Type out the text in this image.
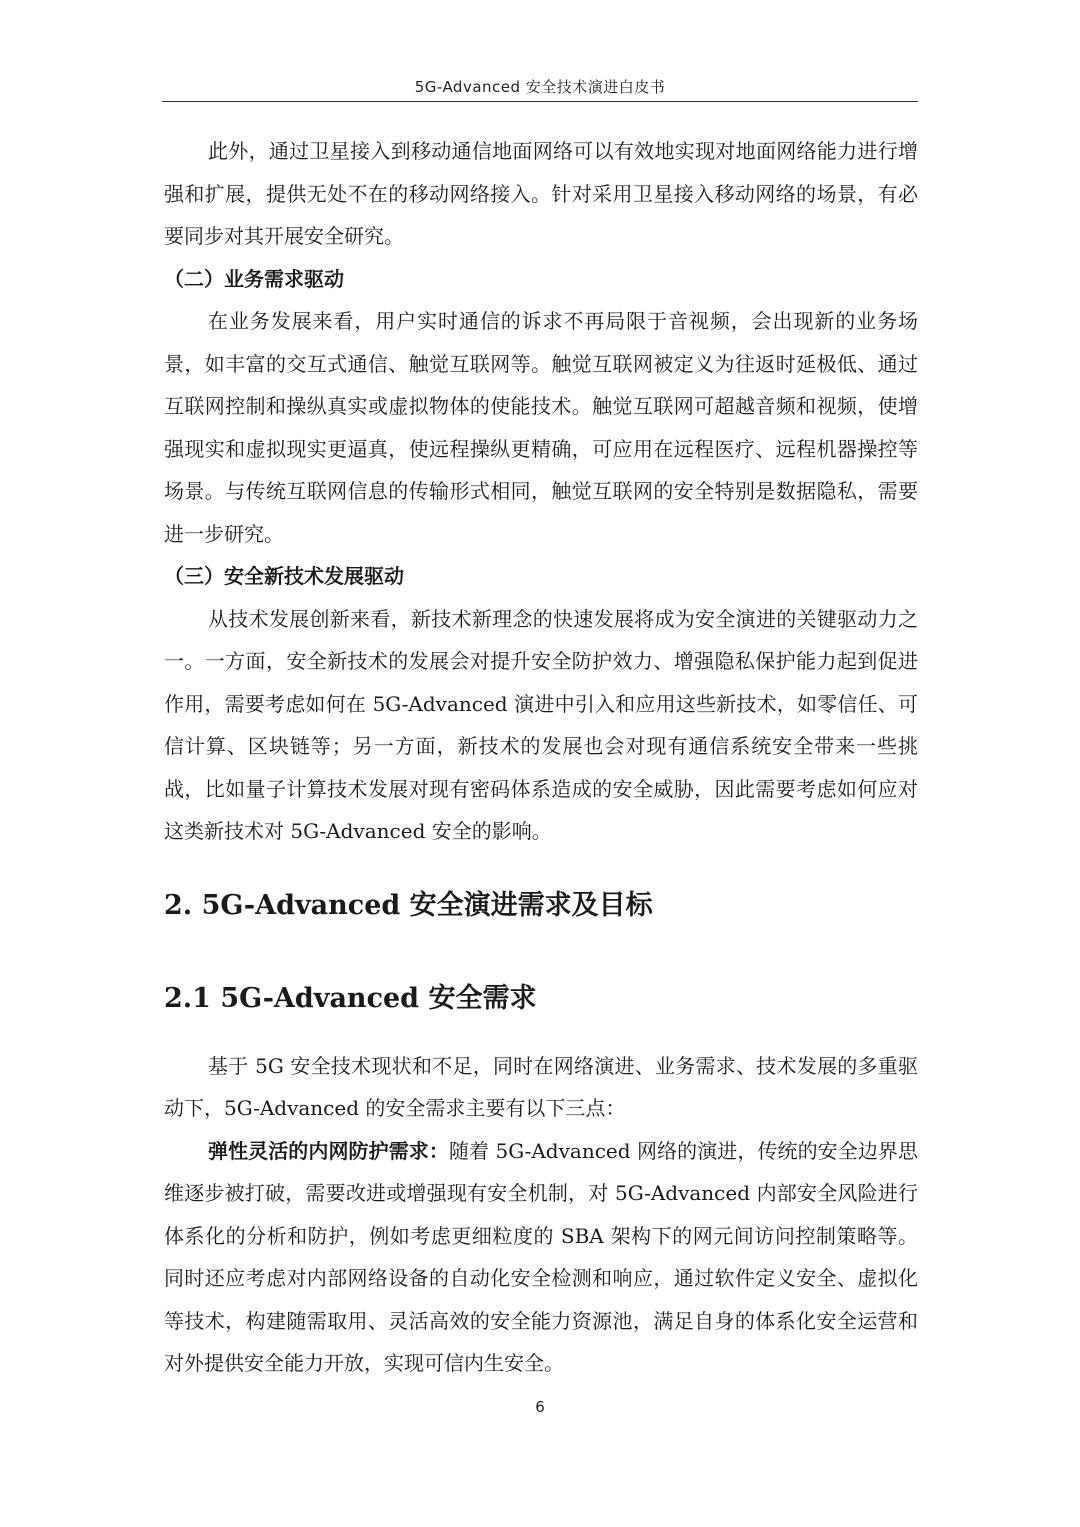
5G-Advanced 安全技术演进白皮书

此外，通过卫星接入到移动通信地面网络可以有效地实现对地面网络能力进行增强和扩展，提供无处不在的移动网络接入。针对采用卫星接入移动网络的场景，有必要同步对其开展安全研究。

（二）业务需求驱动

在业务发展来看，用户实时通信的诉求不再局限于音视频，会出现新的业务场景，如丰富的交互式通信、触觉互联网等。触觉互联网被定义为往返时延极低、通过互联网控制和操纵真实或虚拟物体的使能技术。触觉互联网可超越音频和视频，使增强现实和虚拟现实更逼真，使远程操纵更精确，可应用在远程医疗、远程机器操控等场景。与传统互联网信息的传输形式相同，触觉互联网的安全特别是数据隐私，需要进一步研究。

（三）安全新技术发展驱动

从技术发展创新来看，新技术新理念的快速发展将成为安全演进的关键驱动力之一。一方面，安全新技术的发展会对提升安全防护效力、增强隐私保护能力起到促进作用，需要考虑如何在 5G-Advanced 演进中引入和应用这些新技术，如零信任、可信计算、区块链等；另一方面，新技术的发展也会对现有通信系统安全带来一些挑战，比如量子计算技术发展对现有密码体系造成的安全威胁，因此需要考虑如何应对这类新技术对 5G-Advanced 安全的影响。

2. 5G-Advanced 安全演进需求及目标
2.1 5G-Advanced 安全需求

基于 5G 安全技术现状和不足，同时在网络演进、业务需求、技术发展的多重驱动下，5G-Advanced 的安全需求主要有以下三点：

弹性灵活的内网防护需求：随着 5G-Advanced 网络的演进，传统的安全边界思维逐步被打破，需要改进或增强现有安全机制，对 5G-Advanced 内部安全风险进行体系化的分析和防护，例如考虑更细粒度的 SBA 架构下的网元间访问控制策略等。同时还应考虑对内部网络设备的自动化安全检测和响应，通过软件定义安全、虚拟化等技术，构建随需取用、灵活高效的安全能力资源池，满足自身的体系化安全运营和对外提供安全能力开放，实现可信内生安全。

6
